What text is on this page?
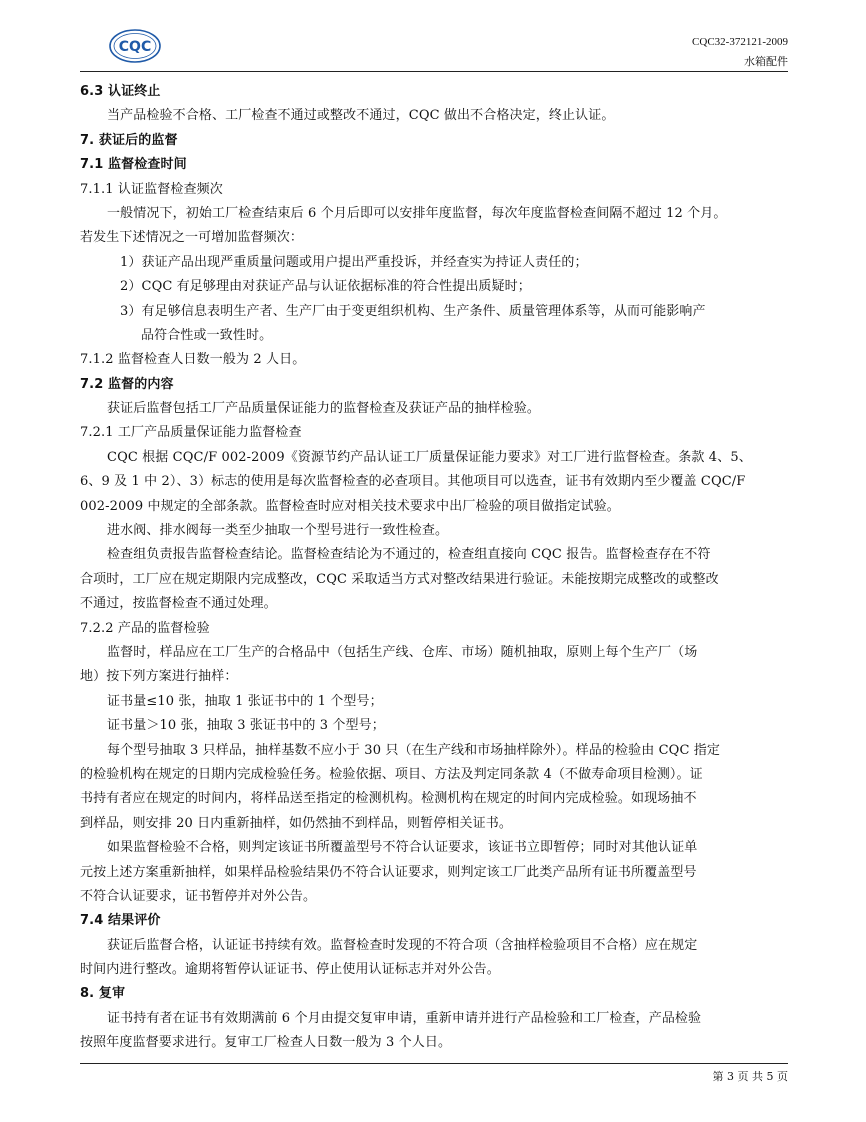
CQC	CQC32-372121-2009
水箱配件
6.3 认证终止
当产品检验不合格、工厂检查不通过或整改不通过，CQC 做出不合格决定，终止认证。
7. 获证后的监督
7.1 监督检查时间
7.1.1 认证监督检查频次
一般情况下，初始工厂检查结束后 6 个月后即可以安排年度监督，每次年度监督检查间隔不超过 12 个月。
若发生下述情况之一可增加监督频次：
1）获证产品出现严重质量问题或用户提出严重投诉，并经查实为持证人责任的；
2）CQC 有足够理由对获证产品与认证依据标准的符合性提出质疑时；
3）有足够信息表明生产者、生产厂由于变更组织机构、生产条件、质量管理体系等，从而可能影响产
品符合性或一致性时。
7.1.2 监督检查人日数一般为 2 人日。
7.2 监督的内容
获证后监督包括工厂产品质量保证能力的监督检查及获证产品的抽样检验。
7.2.1 工厂产品质量保证能力监督检查
CQC 根据 CQC/F 002-2009《资源节约产品认证工厂质量保证能力要求》对工厂进行监督检查。条款 4、5、
6、9 及 1 中 2）、3）标志的使用是每次监督检查的必查项目。其他项目可以选查，证书有效期内至少覆盖 CQC/F
002-2009 中规定的全部条款。监督检查时应对相关技术要求中出厂检验的项目做指定试验。
进水阀、排水阀每一类至少抽取一个型号进行一致性检查。
检查组负责报告监督检查结论。监督检查结论为不通过的，检查组直接向 CQC 报告。监督检查存在不符
合项时，工厂应在规定期限内完成整改，CQC 采取适当方式对整改结果进行验证。未能按期完成整改的或整改
不通过，按监督检查不通过处理。
7.2.2 产品的监督检验
监督时，样品应在工厂生产的合格品中（包括生产线、仓库、市场）随机抽取，原则上每个生产厂（场
地）按下列方案进行抽样：
证书量≤10 张，抽取 1 张证书中的 1 个型号；
证书量＞10 张，抽取 3 张证书中的 3 个型号；
每个型号抽取 3 只样品，抽样基数不应小于 30 只（在生产线和市场抽样除外）。样品的检验由 CQC 指定
的检验机构在规定的日期内完成检验任务。检验依据、项目、方法及判定同条款 4（不做寿命项目检测）。证
书持有者应在规定的时间内，将样品送至指定的检测机构。检测机构在规定的时间内完成检验。如现场抽不
到样品，则安排 20 日内重新抽样，如仍然抽不到样品，则暂停相关证书。
如果监督检验不合格，则判定该证书所覆盖型号不符合认证要求，该证书立即暂停；同时对其他认证单
元按上述方案重新抽样，如果样品检验结果仍不符合认证要求，则判定该工厂此类产品所有证书所覆盖型号
不符合认证要求，证书暂停并对外公告。
7.4 结果评价
获证后监督合格，认证证书持续有效。监督检查时发现的不符合项（含抽样检验项目不合格）应在规定
时间内进行整改。逾期将暂停认证证书、停止使用认证标志并对外公告。
8. 复审
证书持有者在证书有效期满前 6 个月由提交复审申请，重新申请并进行产品检验和工厂检查，产品检验
按照年度监督要求进行。复审工厂检查人日数一般为 3 个人日。
第 3 页 共 5 页
